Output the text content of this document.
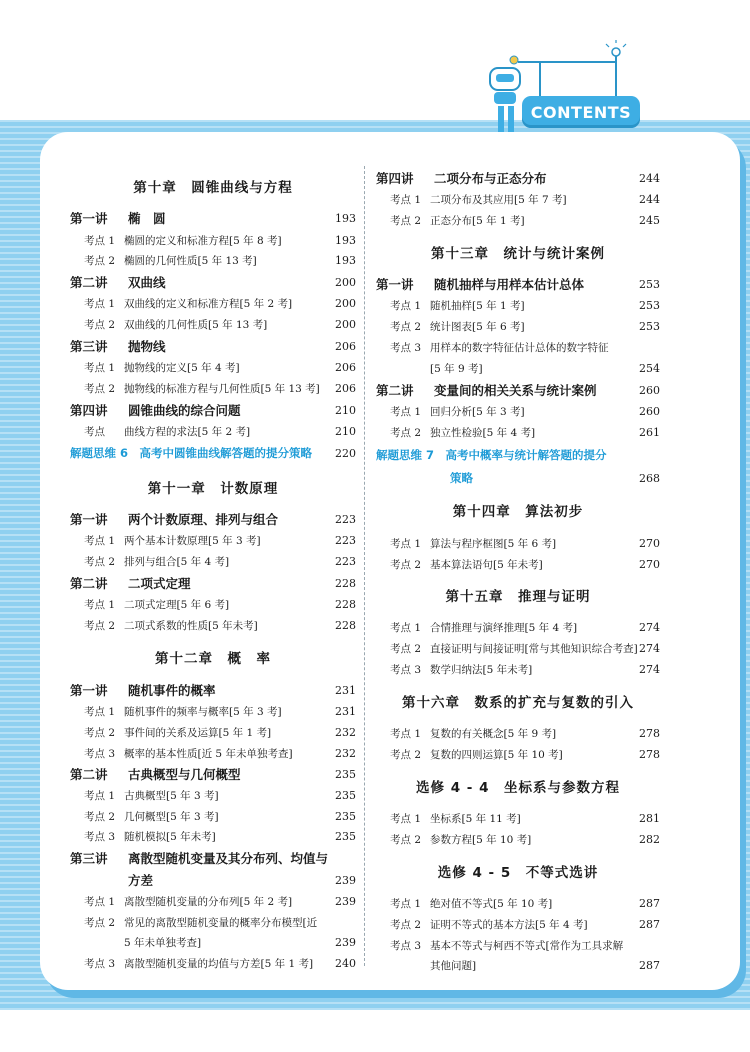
CONTENTS
第十章　圆锥曲线与方程
第一讲 椭　圆	193
考点 1 椭圆的定义和标准方程[5 年 8 考]	193
考点 2 椭圆的几何性质[5 年 13 考]	193
第二讲 双曲线	200
考点 1 双曲线的定义和标准方程[5 年 2 考]	200
考点 2 双曲线的几何性质[5 年 13 考]	200
第三讲 抛物线	206
考点 1 抛物线的定义[5 年 4 考]	206
考点 2 抛物线的标准方程与几何性质[5 年 13 考] 206
第四讲 圆锥曲线的综合问题	210
考点 曲线方程的求法[5 年 2 考]	210
解题思维 6　高考中圆锥曲线解答题的提分策略 220
第十一章　计数原理
第一讲 两个计数原理、排列与组合	223
考点 1 两个基本计数原理[5 年 3 考]	223
考点 2 排列与组合[5 年 4 考]	223
第二讲 二项式定理	228
考点 1 二项式定理[5 年 6 考]	228
考点 2 二项式系数的性质[5 年未考]	228
第十二章　概　率
第一讲 随机事件的概率	231
考点 1 随机事件的频率与概率[5 年 3 考]	231
考点 2 事件间的关系及运算[5 年 1 考]	232
考点 3 概率的基本性质[近 5 年未单独考查]	232
第二讲 古典概型与几何概型	235
考点 1 古典概型[5 年 3 考]	235
考点 2 几何概型[5 年 3 考]	235
考点 3 随机模拟[5 年未考]	235
第三讲 离散型随机变量及其分布列、均值与
方差	239
考点 1 离散型随机变量的分布列[5 年 2 考]	239
考点 2 常见的离散型随机变量的概率分布模型[近
5 年未单独考查]	239
考点 3 离散型随机变量的均值与方差[5 年 1 考] 240
第四讲 二项分布与正态分布	244
考点 1 二项分布及其应用[5 年 7 考]	244
考点 2 正态分布[5 年 1 考]	245
第十三章　统计与统计案例
第一讲 随机抽样与用样本估计总体	253
考点 1 随机抽样[5 年 1 考]	253
考点 2 统计图表[5 年 6 考]	253
考点 3 用样本的数字特征估计总体的数字特征
[5 年 9 考]	254
第二讲 变量间的相关关系与统计案例	260
考点 1 回归分析[5 年 3 考]	260
考点 2 独立性检验[5 年 4 考]	261
解题思维 7　高考中概率与统计解答题的提分
策略	268
第十四章　算法初步
考点 1 算法与程序框图[5 年 6 考]	270
考点 2 基本算法语句[5 年未考]	270
第十五章　推理与证明
考点 1 合情推理与演绎推理[5 年 4 考]	274
考点 2 直接证明与间接证明[常与其他知识综合考查] 274
考点 3 数学归纳法[5 年未考]	274
第十六章　数系的扩充与复数的引入
考点 1 复数的有关概念[5 年 9 考]	278
考点 2 复数的四则运算[5 年 10 考]	278
选修 4 - 4　坐标系与参数方程
考点 1 坐标系[5 年 11 考]	281
考点 2 参数方程[5 年 10 考]	282
选修 4 - 5　不等式选讲
考点 1 绝对值不等式[5 年 10 考]	287
考点 2 证明不等式的基本方法[5 年 4 考]	287
考点 3 基本不等式与柯西不等式[常作为工具求解
其他问题]	287
